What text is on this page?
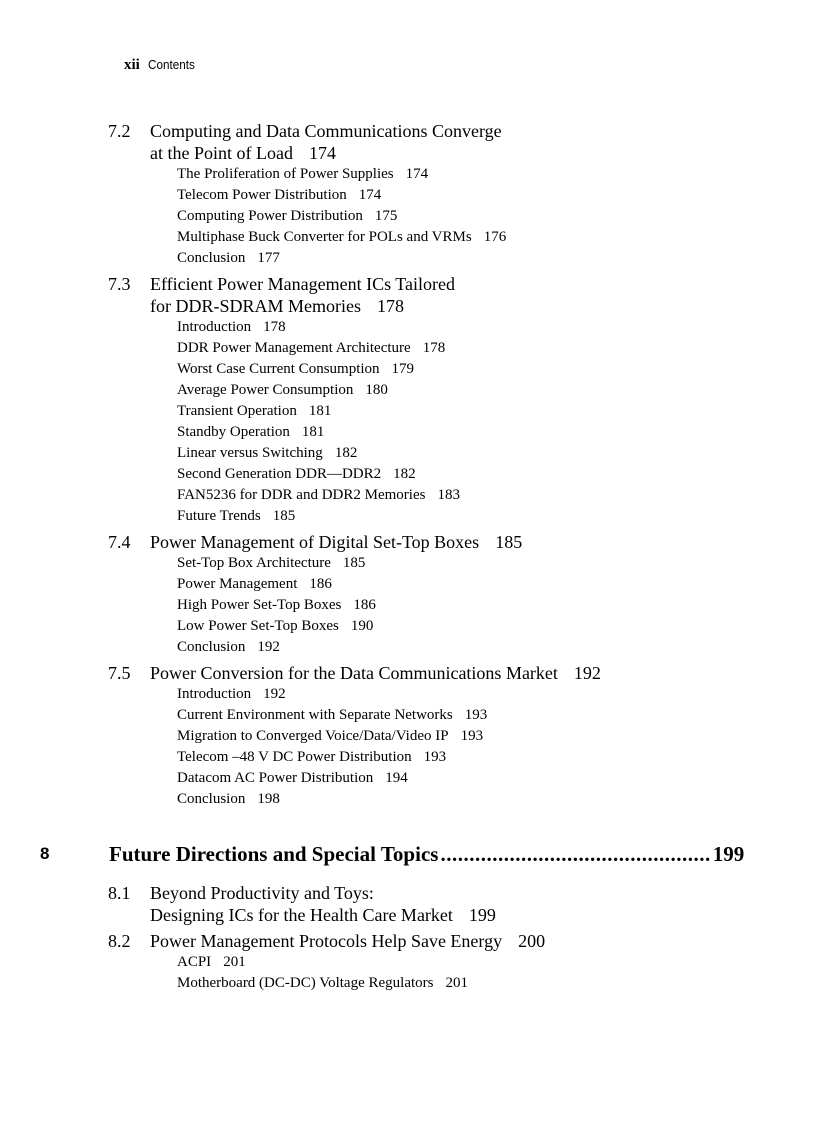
xii Contents
7.2 Computing and Data Communications Converge
at the Point of Load 174
The Proliferation of Power Supplies 174
Telecom Power Distribution 174
Computing Power Distribution 175
Multiphase Buck Converter for POLs and VRMs 176
Conclusion 177
7.3 Efficient Power Management ICs Tailored
for DDR-SDRAM Memories 178
Introduction 178
DDR Power Management Architecture 178
Worst Case Current Consumption 179
Average Power Consumption 180
Transient Operation 181
Standby Operation 181
Linear versus Switching 182
Second Generation DDR—DDR2 182
FAN5236 for DDR and DDR2 Memories 183
Future Trends 185
7.4 Power Management of Digital Set-Top Boxes 185
Set-Top Box Architecture 185
Power Management 186
High Power Set-Top Boxes 186
Low Power Set-Top Boxes 190
Conclusion 192
7.5 Power Conversion for the Data Communications Market 192
Introduction 192
Current Environment with Separate Networks 193
Migration to Converged Voice/Data/Video IP 193
Telecom –48 V DC Power Distribution 193
Datacom AC Power Distribution 194
Conclusion 198
8	Future Directions and Special Topics ............................................... 199
8.1 Beyond Productivity and Toys:
Designing ICs for the Health Care Market 199
8.2 Power Management Protocols Help Save Energy 200
ACPI 201
Motherboard (DC-DC) Voltage Regulators 201
